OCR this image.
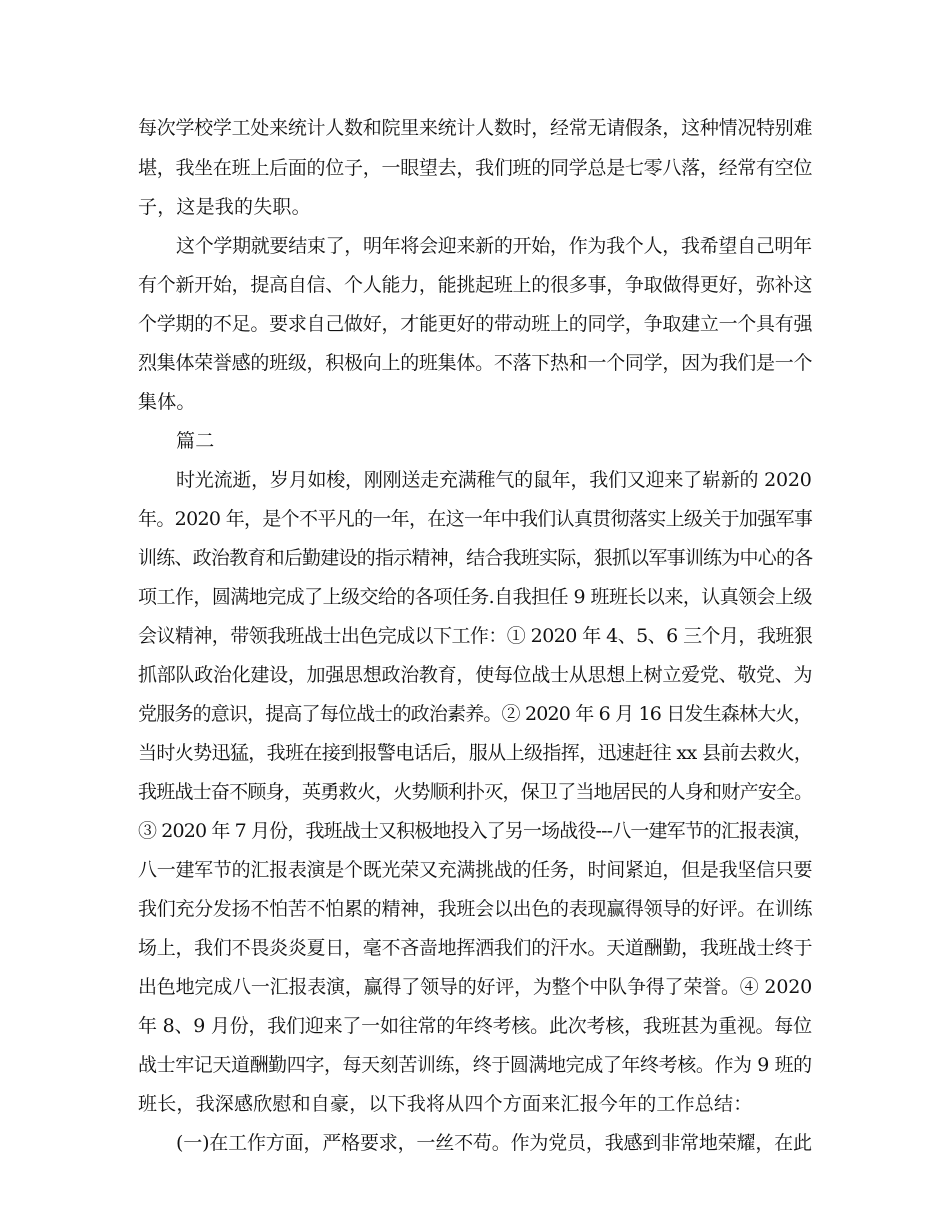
每次学校学工处来统计人数和院里来统计人数时，经常无请假条，这种情况特别难
堪，我坐在班上后面的位子，一眼望去，我们班的同学总是七零八落，经常有空位
子，这是我的失职。
这个学期就要结束了，明年将会迎来新的开始，作为我个人，我希望自己明年
有个新开始，提高自信、个人能力，能挑起班上的很多事，争取做得更好，弥补这
个学期的不足。要求自己做好，才能更好的带动班上的同学，争取建立一个具有强
烈集体荣誉感的班级，积极向上的班集体。不落下热和一个同学，因为我们是一个
集体。
篇二
时光流逝，岁月如梭，刚刚送走充满稚气的鼠年，我们又迎来了崭新的 2020
年。2020 年，是个不平凡的一年，在这一年中我们认真贯彻落实上级关于加强军事
训练、政治教育和后勤建设的指示精神，结合我班实际，狠抓以军事训练为中心的各
项工作，圆满地完成了上级交给的各项任务.自我担任 9 班班长以来，认真领会上级
会议精神，带领我班战士出色完成以下工作：① 2020 年 4、5、6 三个月，我班狠
抓部队政治化建设，加强思想政治教育，使每位战士从思想上树立爱党、敬党、为
党服务的意识，提高了每位战士的政治素养。② 2020 年 6 月 16 日发生森林大火，
当时火势迅猛，我班在接到报警电话后，服从上级指挥，迅速赶往 xx 县前去救火，
我班战士奋不顾身，英勇救火，火势顺利扑灭，保卫了当地居民的人身和财产安全。
③ 2020 年 7 月份，我班战士又积极地投入了另一场战役---八一建军节的汇报表演，
八一建军节的汇报表演是个既光荣又充满挑战的任务，时间紧迫，但是我坚信只要
我们充分发扬不怕苦不怕累的精神，我班会以出色的表现赢得领导的好评。在训练
场上，我们不畏炎炎夏日，毫不吝啬地挥洒我们的汗水。天道酬勤，我班战士终于
出色地完成八一汇报表演，赢得了领导的好评，为整个中队争得了荣誉。④ 2020
年 8、9 月份，我们迎来了一如往常的年终考核。此次考核，我班甚为重视。每位
战士牢记天道酬勤四字，每天刻苦训练，终于圆满地完成了年终考核。作为 9 班的
班长，我深感欣慰和自豪，以下我将从四个方面来汇报今年的工作总结：
(一)在工作方面，严格要求，一丝不苟。作为党员，我感到非常地荣耀，在此
